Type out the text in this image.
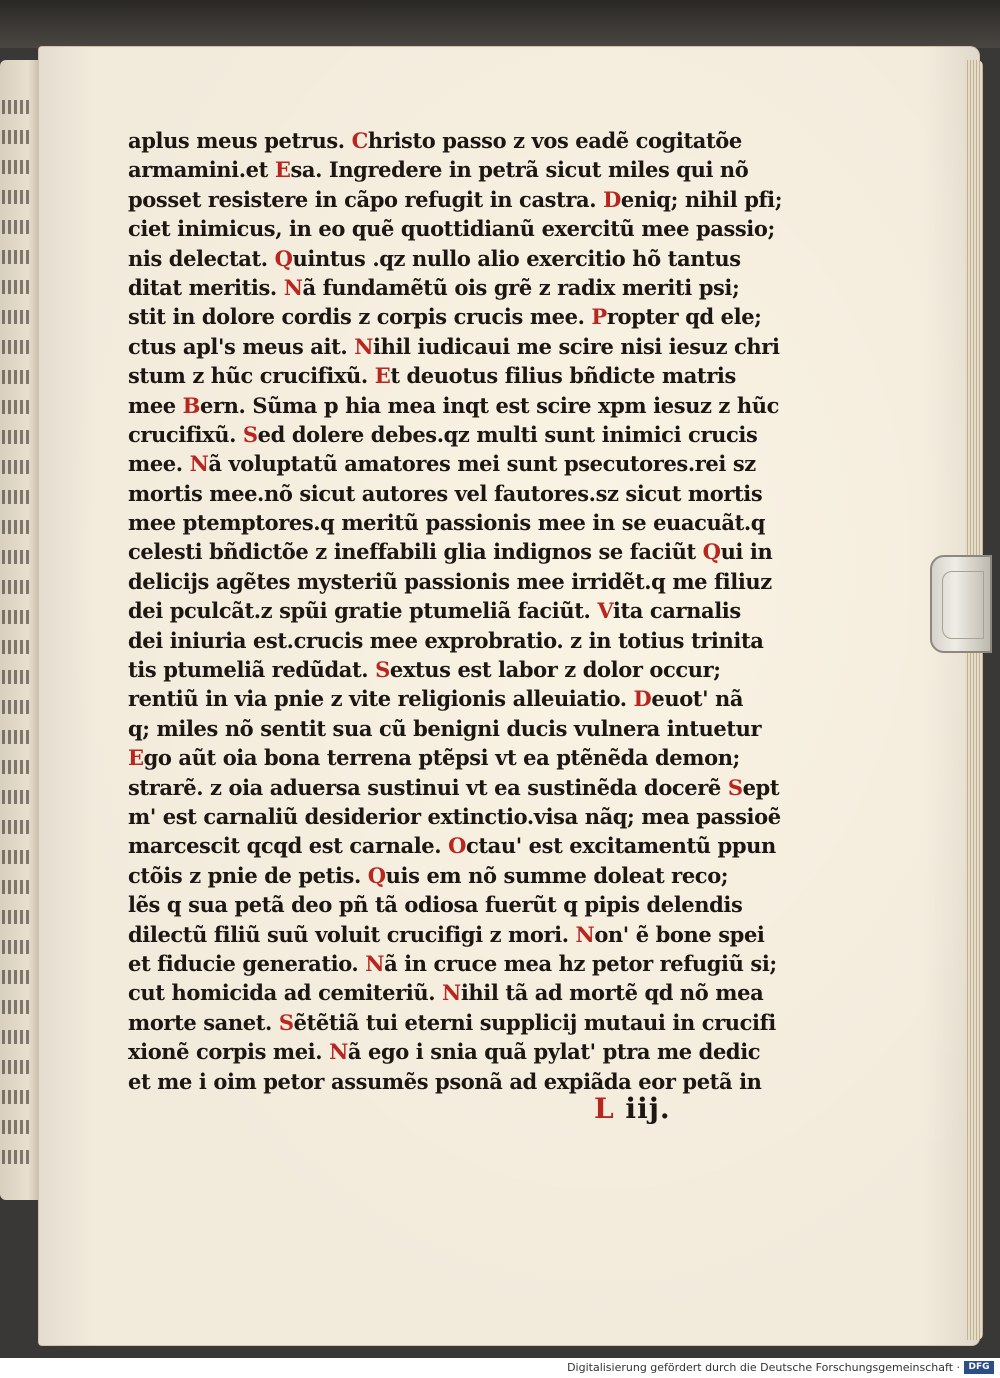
aplus meus petrus. Christo passo z vos eadẽ cogitatõe
armamini.et Esa. Ingredere in petrã sicut miles qui nõ
posset resistere in cãpo refugit in castra. Deniq; nihil pfi;
ciet inimicus, in eo quẽ quottidianũ exercitũ mee passio;
nis delectat. Quintus .qz nullo alio exercitio hõ tantus
ditat meritis. Nã fundamẽtũ ois grẽ z radix meriti psi;
stit in dolore cordis z corpis crucis mee. Propter qd ele;
ctus apl's meus ait. Nihil iudicaui me scire nisi iesuz chri
stum z hũc crucifixũ. Et deuotus filius bñdicte matris
mee Bern. Sũma p hia mea inqt est scire xpm iesuz z hũc
crucifixũ. Sed dolere debes.qz multi sunt inimici crucis
mee. Nã voluptatũ amatores mei sunt psecutores.rei sz
mortis mee.nõ sicut autores vel fautores.sz sicut mortis
mee ptemptores.q meritũ passionis mee in se euacuãt.q
celesti bñdictõe z ineffabili glia indignos se faciũt Qui in
delicijs agẽtes mysteriũ passionis mee irridẽt.q me filiuz
dei pculcãt.z spũi gratie ptumeliã faciũt. Vita carnalis
dei iniuria est.crucis mee exprobratio. z in totius trinita
tis ptumeliã redũdat. Sextus est labor z dolor occur;
rentiũ in via pnie z vite religionis alleuiatio. Deuot' nã
q; miles nõ sentit sua cũ benigni ducis vulnera intuetur
Ego aũt oia bona terrena ptẽpsi vt ea ptẽnẽda demon;
strarẽ. z oia aduersa sustinui vt ea sustinẽda docerẽ Sept
m' est carnaliũ desiderior extinctio.visa nãq; mea passioẽ
marcescit qcqd est carnale. Octau' est excitamentũ ppun
ctõis z pnie de petis. Quis em nõ summe doleat reco;
lẽs q sua petã deo pñ tã odiosa fuerũt q pipis delendis
dilectũ filiũ suũ voluit crucifigi z mori. Non' ẽ bone spei
et fiducie generatio. Nã in cruce mea hz petor refugiũ si;
cut homicida ad cemiteriũ. Nihil tã ad mortẽ qd nõ mea
morte sanet. Sẽtẽtiã tui eterni supplicij mutaui in crucifi
xionẽ corpis mei. Nã ego i snia quã pylat' ptra me dedic
et me i oim petor assumẽs psonã ad expiãda eor petã in
L iij.
Digitalisierung gefördert durch die Deutsche Forschungsgemeinschaft · DFG
